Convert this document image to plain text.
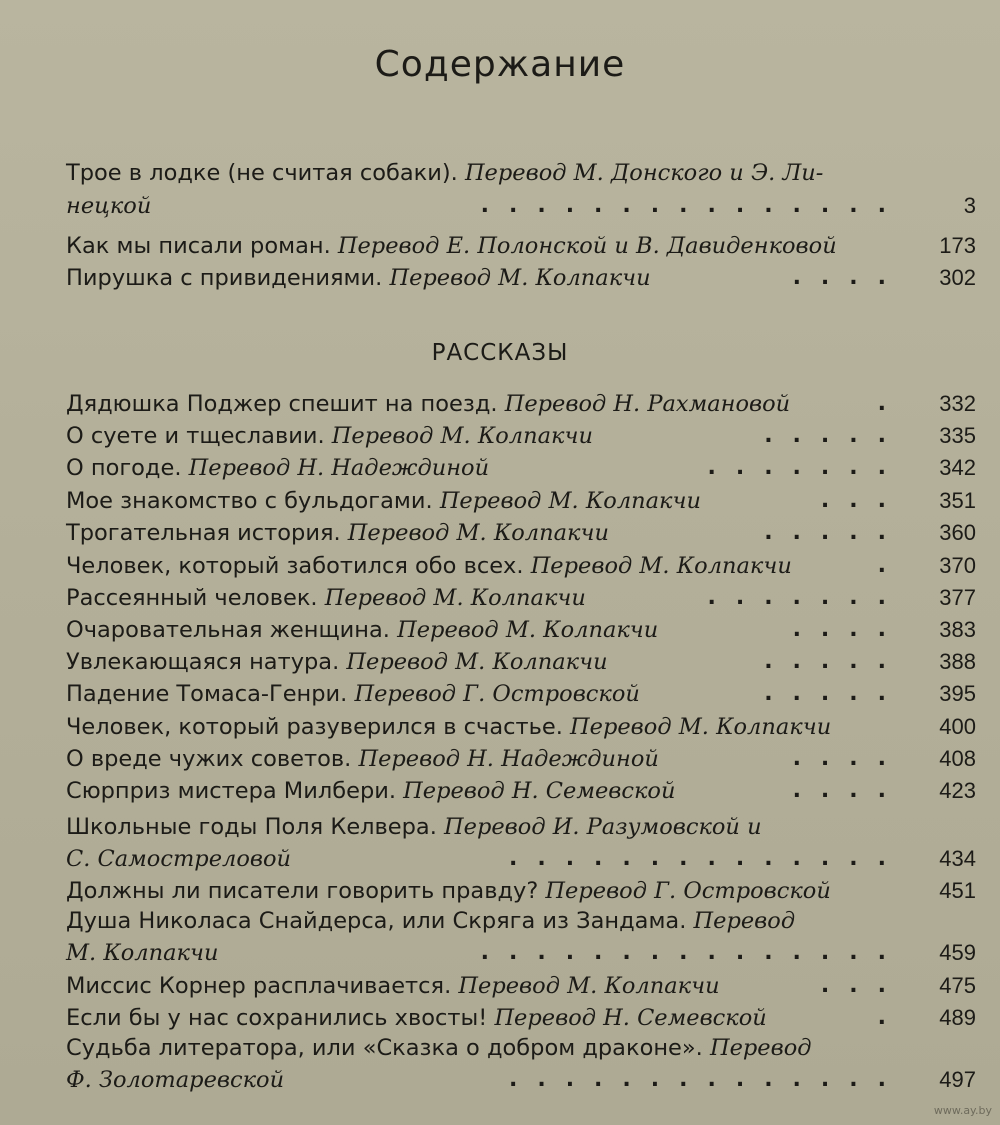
Содержание
РАССКАЗЫ
Трое в лодке (не считая собаки). Перевод М. Донского и Э. Ли-
нецкой	...............	3
Как мы писали роман. Перевод Е. Полонской и В. Давиденковой	173
Пирушка с привидениями. Перевод М. Колпакчи	.... 302
Дядюшка Поджер спешит на поезд. Перевод Н. Рахмановой	. 332
О суете и тщеславии. Перевод М. Колпакчи	..... 335
О погоде. Перевод Н. Надеждиной	....... 342
Мое знакомство с бульдогами. Перевод М. Колпакчи	... 351
Трогательная история. Перевод М. Колпакчи	..... 360
Человек, который заботился обо всех. Перевод М. Колпакчи	. 370
Рассеянный человек. Перевод М. Колпакчи	....... 377
Очаровательная женщина. Перевод М. Колпакчи	.... 383
Увлекающаяся натура. Перевод М. Колпакчи	..... 388
Падение Томаса-Генри. Перевод Г. Островской	..... 395
Человек, который разуверился в счастье. Перевод М. Колпакчи	400
О вреде чужих советов. Перевод Н. Надеждиной	.... 408
Сюрприз мистера Милбери. Перевод Н. Семевской	.... 423
Школьные годы Поля Келвера. Перевод И. Разумовской и
С. Самостреловой	.............. 434
Должны ли писатели говорить правду? Перевод Г. Островской	451
Душа Николаса Снайдерса, или Скряга из Зандама. Перевод
М. Колпакчи	............... 459
Миссис Корнер расплачивается. Перевод М. Колпакчи	... 475
Если бы у нас сохранились хвосты! Перевод Н. Семевской	. 489
Судьба литератора, или «Сказка о добром драконе». Перевод
Ф. Золотаревской	.............. 497
www.ay.by
